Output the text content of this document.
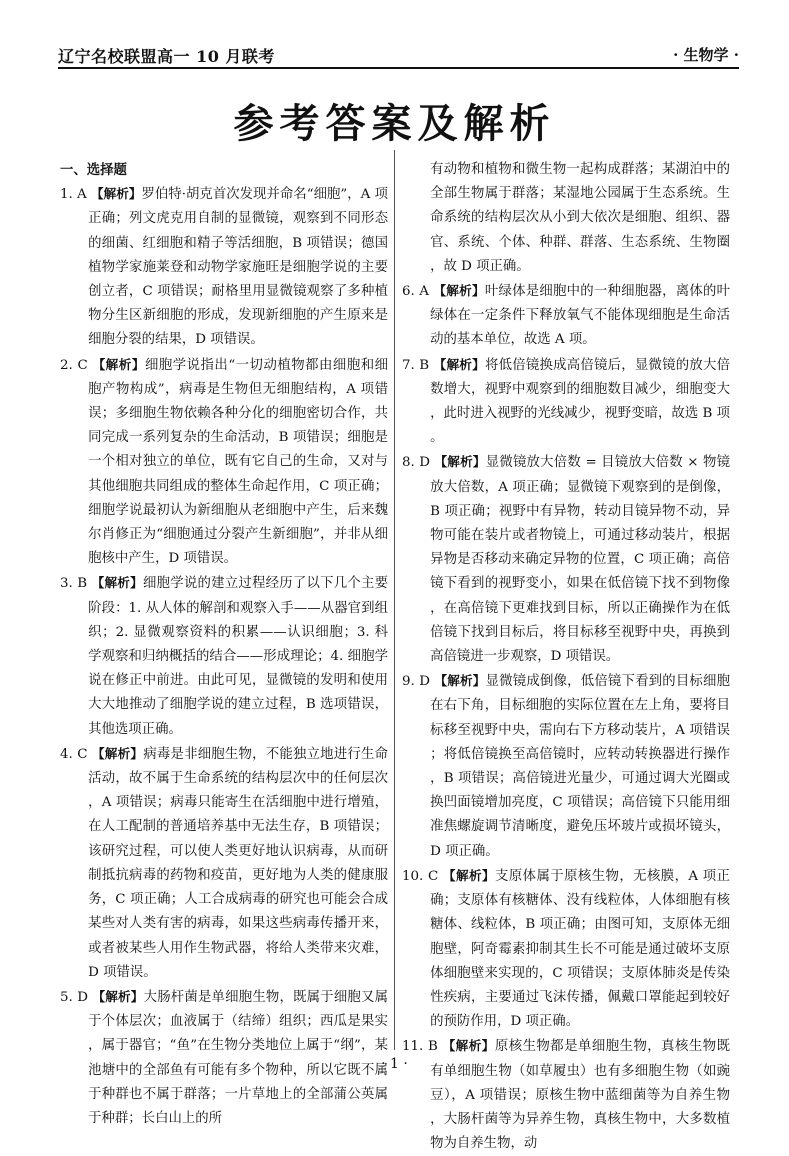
辽宁名校联盟高一 10 月联考	· 生物学 ·
参考答案及解析

一、选择题

1. A 【解析】罗伯特·胡克首次发现并命名“细胞”，A 项正确；列文虎克用自制的显微镜，观察到不同形态的细菌、红细胞和精子等活细胞，B 项错误；德国植物学家施莱登和动物学家施旺是细胞学说的主要创立者，C 项错误；耐格里用显微镜观察了多种植物分生区新细胞的形成，发现新细胞的产生原来是细胞分裂的结果，D 项错误。

2. C 【解析】细胞学说指出“一切动植物都由细胞和细胞产物构成”，病毒是生物但无细胞结构，A 项错误；多细胞生物依赖各种分化的细胞密切合作，共同完成一系列复杂的生命活动，B 项错误；细胞是一个相对独立的单位，既有它自己的生命，又对与其他细胞共同组成的整体生命起作用，C 项正确；细胞学说最初认为新细胞从老细胞中产生，后来魏尔肖修正为“细胞通过分裂产生新细胞”，并非从细胞核中产生，D 项错误。

3. B 【解析】细胞学说的建立过程经历了以下几个主要阶段：1. 从人体的解剖和观察入手——从器官到组织；2. 显微观察资料的积累——认识细胞；3. 科学观察和归纳概括的结合——形成理论；4. 细胞学说在修正中前进。由此可见，显微镜的发明和使用大大地推动了细胞学说的建立过程，B 选项错误，其他选项正确。

4. C 【解析】病毒是非细胞生物，不能独立地进行生命活动，故不属于生命系统的结构层次中的任何层次，A 项错误；病毒只能寄生在活细胞中进行增殖，在人工配制的普通培养基中无法生存，B 项错误；该研究过程，可以使人类更好地认识病毒，从而研制抵抗病毒的药物和疫苗，更好地为人类的健康服务，C 项正确；人工合成病毒的研究也可能会合成某些对人类有害的病毒，如果这些病毒传播开来，或者被某些人用作生物武器，将给人类带来灾难，D 项错误。

5. D 【解析】大肠杆菌是单细胞生物，既属于细胞又属于个体层次；血液属于（结缔）组织；西瓜是果实，属于器官；“鱼”在生物分类地位上属于“纲”，某池塘中的全部鱼有可能有多个物种，所以它既不属于种群也不属于群落；一片草地上的全部蒲公英属于种群；长白山上的所

有动物和植物和微生物一起构成群落；某湖泊中的全部生物属于群落；某湿地公园属于生态系统。生命系统的结构层次从小到大依次是细胞、组织、器官、系统、个体、种群、群落、生态系统、生物圈，故 D 项正确。

6. A 【解析】叶绿体是细胞中的一种细胞器，离体的叶绿体在一定条件下释放氧气不能体现细胞是生命活动的基本单位，故选 A 项。

7. B 【解析】将低倍镜换成高倍镜后，显微镜的放大倍数增大，视野中观察到的细胞数目减少，细胞变大，此时进入视野的光线减少，视野变暗，故选 B 项。

8. D 【解析】显微镜放大倍数 = 目镜放大倍数 × 物镜放大倍数，A 项正确；显微镜下观察到的是倒像，B 项正确；视野中有异物，转动目镜异物不动，异物可能在装片或者物镜上，可通过移动装片，根据异物是否移动来确定异物的位置，C 项正确；高倍镜下看到的视野变小，如果在低倍镜下找不到物像，在高倍镜下更难找到目标，所以正确操作为在低倍镜下找到目标后，将目标移至视野中央，再换到高倍镜进一步观察，D 项错误。

9. D 【解析】显微镜成倒像，低倍镜下看到的目标细胞在右下角，目标细胞的实际位置在左上角，要将目标移至视野中央，需向右下方移动装片，A 项错误；将低倍镜换至高倍镜时，应转动转换器进行操作，B 项错误；高倍镜进光量少，可通过调大光圈或换凹面镜增加亮度，C 项错误；高倍镜下只能用细准焦螺旋调节清晰度，避免压坏玻片或损坏镜头，D 项正确。

10. C 【解析】支原体属于原核生物，无核膜，A 项正确；支原体有核糖体、没有线粒体，人体细胞有核糖体、线粒体，B 项正确；由图可知，支原体无细胞壁，阿奇霉素抑制其生长不可能是通过破坏支原体细胞壁来实现的，C 项错误；支原体肺炎是传染性疾病，主要通过飞沫传播，佩戴口罩能起到较好的预防作用，D 项正确。

11. B 【解析】原核生物都是单细胞生物，真核生物既有单细胞生物（如草履虫）也有多细胞生物（如豌豆），A 项错误；原核生物中蓝细菌等为自养生物，大肠杆菌等为异养生物，真核生物中，大多数植物为自养生物，动

· 1 ·
